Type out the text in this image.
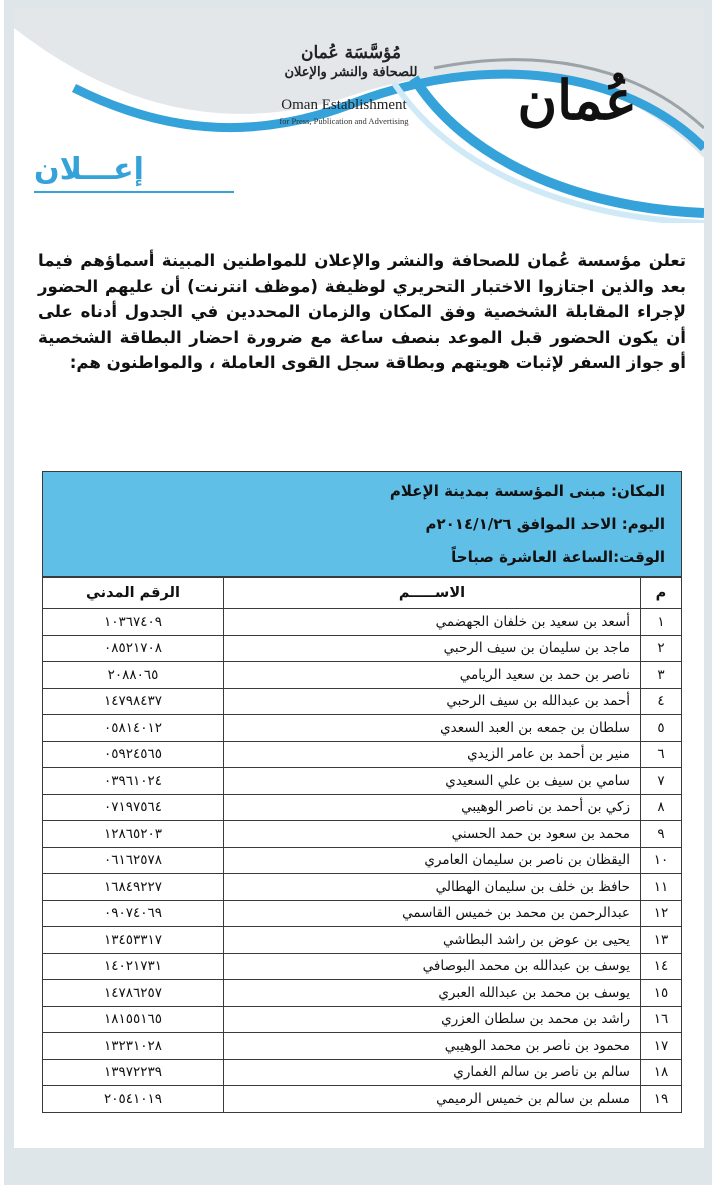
مُؤسَّسَة عُمان
للصحافة والنشر والإعلان
Oman Establishment
for Press, Publication and Advertising عُمان
إعـــلان
تعلن مؤسسة عُمان للصحافة والنشر والإعلان للمواطنين المبينة أسماؤهم فيما بعد والذين اجتازوا الاختبار التحريري لوظيفة (موظف انترنت) أن عليهم الحضور لإجراء المقابلة الشخصية وفق المكان والزمان المحددين في الجدول أدناه على أن يكون الحضور قبل الموعد بنصف ساعة مع ضرورة احضار البطاقة الشخصية أو جواز السفر لإثبات هويتهم وبطاقة سجل القوى العاملة ، والمواطنون هم:
المكان: مبنى المؤسسة بمدينة الإعلام
اليوم: الاحد الموافق ٢٠١٤/١/٢٦م
الوقت:الساعة العاشرة صباحاً
م	الاســـــم	الرقم المدني
١	أسعد بن سعيد بن خلفان الجهضمي	١٠٣٦٧٤٠٩
٢	ماجد بن سليمان بن سيف الرحبي	٠٨٥٢١٧٠٨
٣	ناصر بن حمد بن سعيد الريامي	٢٠٨٨٠٦٥
٤	أحمد بن عبدالله بن سيف الرحبي	١٤٧٩٨٤٣٧
٥	سلطان بن جمعه بن العبد السعدي	٠٥٨١٤٠١٢
٦	منير بن أحمد بن عامر الزيدي	٠٥٩٢٤٥٦٥
٧	سامي بن سيف بن علي السعيدي	٠٣٩٦١٠٢٤
٨	زكي بن أحمد بن ناصر الوهيبي	٠٧١٩٧٥٦٤
٩	محمد بن سعود بن حمد الحسني	١٢٨٦٥٢٠٣
١٠	اليقظان بن ناصر بن سليمان العامري	٠٦١٦٢٥٧٨
١١	حافظ بن خلف بن سليمان الهطالي	١٦٨٤٩٢٢٧
١٢	عبدالرحمن بن محمد بن خميس القاسمي	٠٩٠٧٤٠٦٩
١٣	يحيى بن عوض بن راشد البطاشي	١٣٤٥٣٣١٧
١٤	يوسف بن عبدالله بن محمد البوصافي	١٤٠٢١٧٣١
١٥	يوسف بن محمد بن عبدالله العبري	١٤٧٨٦٢٥٧
١٦	راشد بن محمد بن سلطان العزري	١٨١٥٥١٦٥
١٧	محمود بن ناصر بن محمد الوهيبي	١٣٢٣١٠٢٨
١٨	سالم بن ناصر بن سالم الغماري	١٣٩٧٢٢٣٩
١٩	مسلم بن سالم بن خميس الرميمي	٢٠٥٤١٠١٩
